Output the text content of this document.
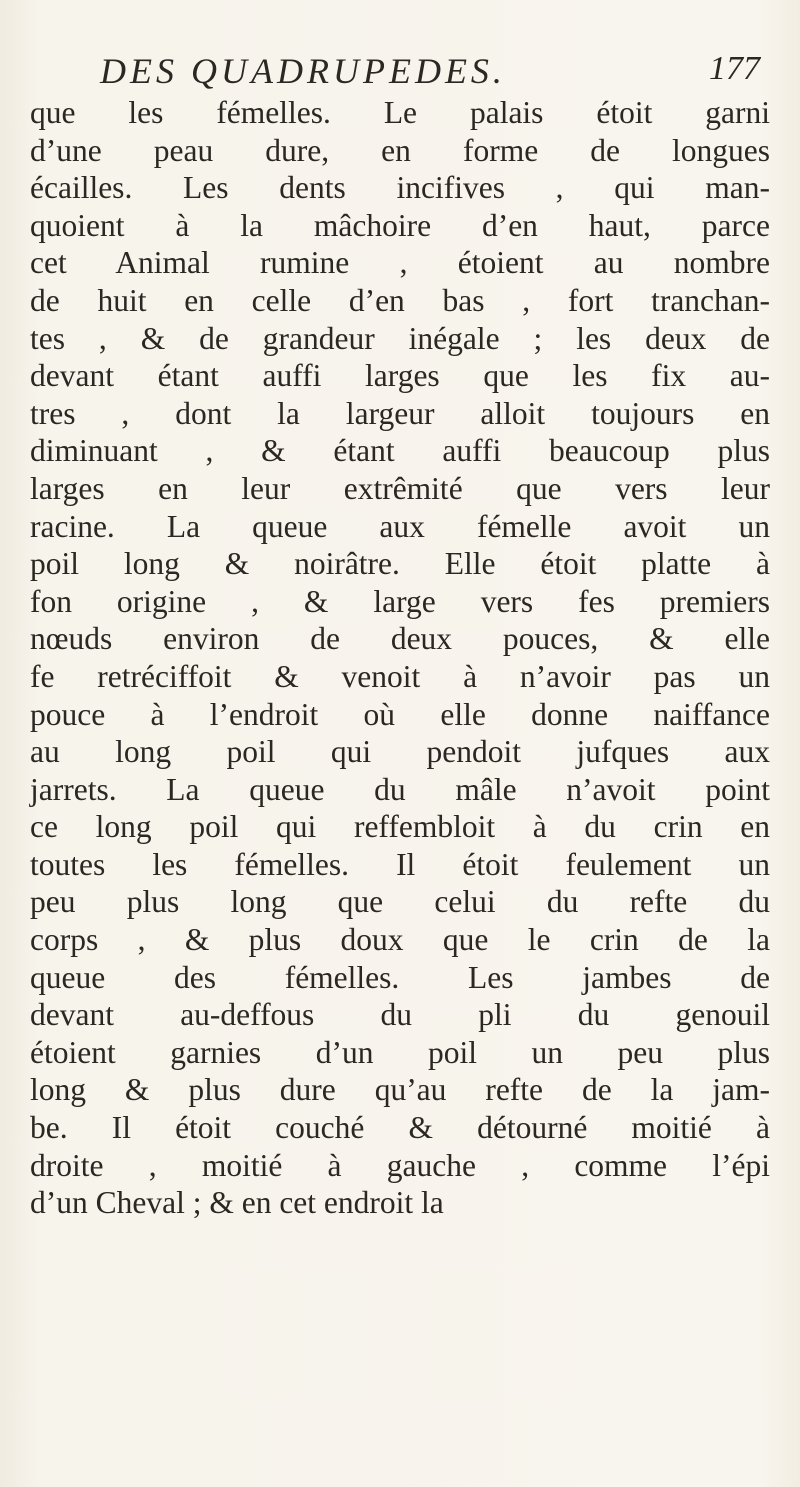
DES QUADRUPEDES.	177
que les fémelles. Le palais étoit garni
d’une peau dure, en forme de longues
écailles. Les dents incifives , qui man-
quoient à la mâchoire d’en haut, parce
cet Animal rumine , étoient au nombre
de huit en celle d’en bas , fort tranchan-
tes , & de grandeur inégale ; les deux de
devant étant auffi larges que les fix au-
tres , dont la largeur alloit toujours en
diminuant , & étant auffi beaucoup plus
larges en leur extrêmité que vers leur
racine. La queue aux fémelle avoit un
poil long & noirâtre. Elle étoit platte à
fon origine , & large vers fes premiers
nœuds environ de deux pouces, & elle
fe retréciffoit & venoit à n’avoir pas un
pouce à l’endroit où elle donne naiffance
au long poil qui pendoit jufques aux
jarrets. La queue du mâle n’avoit point
ce long poil qui reffembloit à du crin en
toutes les fémelles. Il étoit feulement un
peu plus long que celui du refte du
corps , & plus doux que le crin de la
queue des fémelles. Les jambes de
devant au-deffous du pli du genouil
étoient garnies d’un poil un peu plus
long & plus dure qu’au refte de la jam-
be. Il étoit couché & détourné moitié à
droite , moitié à gauche , comme l’épi
d’un Cheval ; & en cet endroit la
